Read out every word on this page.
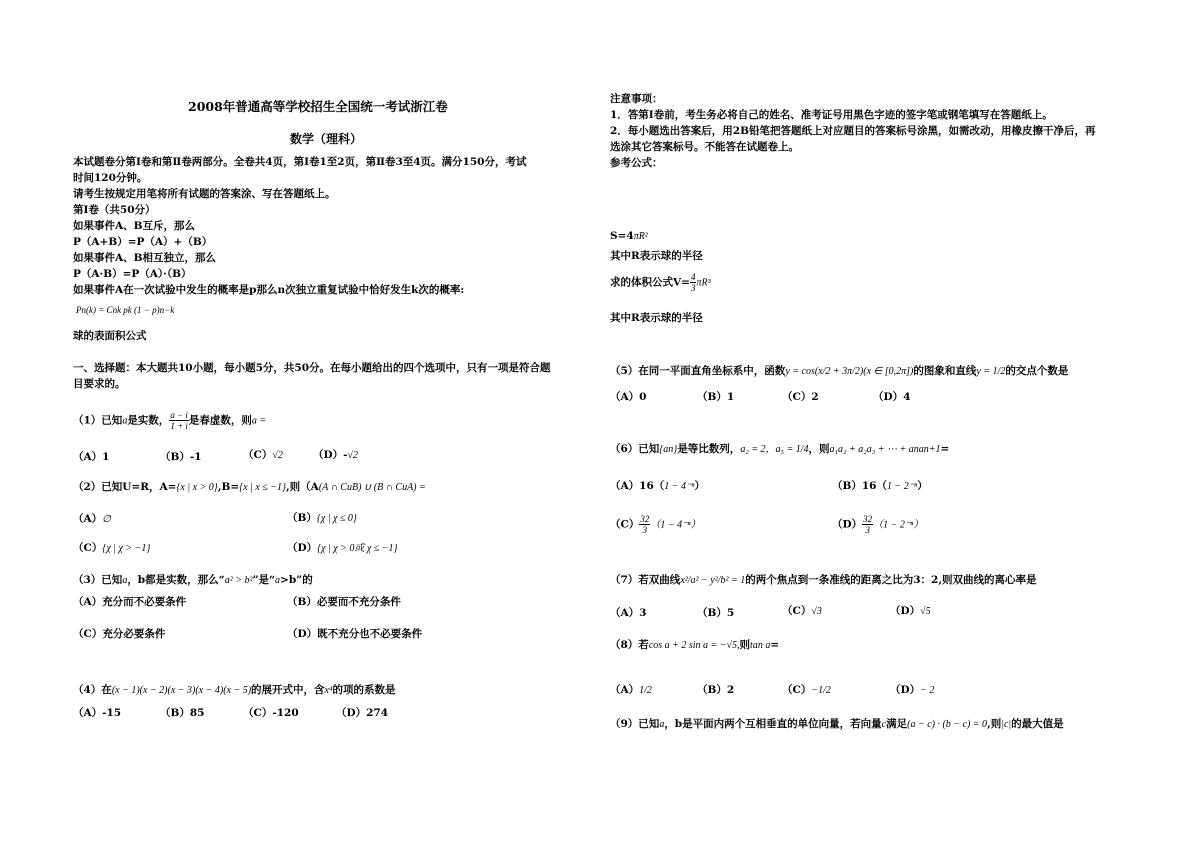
2008年普通高等学校招生全国统一考试浙江卷
数学（理科）
本试题卷分第Ⅰ卷和第Ⅱ卷两部分。全卷共4页，第Ⅰ卷1至2页，第Ⅱ卷3至4页。满分150分，考试
时间120分钟。
请考生按规定用笔将所有试题的答案涂、写在答题纸上。
第Ⅰ卷（共50分）
如果事件A、B互斥，那么
P（A+B）=P（A）+（B）
如果事件A、B相互独立，那么
P（A·B）=P（A）·（B）
如果事件A在一次试验中发生的概率是p那么n次独立重复试验中恰好发生k次的概率:
Pn(k) = Cnk pk (1 − p)n−k
球的表面积公式
一、选择题：本大题共10小题，每小题5分，共50分。在每小题给出的四个选项中，只有一项是符合题
目要求的。
（1）已知a是实数， $\frac{a - i}{1 + i}$ 是春虚数，则a =
（A）1	（B）-1	（C）√2	（D）-√2
（2）已知U=R，A={x | x > 0},B={x | x ≤ −1},则（A(A ∩ CuB) ∪ (B ∩ CuA) =
（A）∅	（B）{χ | χ ≤ 0}
（C）{χ | χ > −1}	（D）{χ | χ > 0或 χ ≤ −1}
（3）已知a，b都是实数，那么“a² > b²”是“a>b”的
（A）充分而不必要条件	（B）必要而不充分条件
（C）充分必要条件	（D）既不充分也不必要条件
（4）在(x − 1)(x − 2)(x − 3)(x − 4)(x − 5)的展开式中，含x⁴的项的系数是
（A）-15	（B）85	（C）-120	（D）274
注意事项：
1．答第Ⅰ卷前，考生务必将自己的姓名、准考证号用黑色字迹的签字笔或钢笔填写在答题纸上。
2．每小题选出答案后，用2B铅笔把答题纸上对应题目的答案标号涂黑，如需改动，用橡皮擦干净后，再
选涂其它答案标号。不能答在试题卷上。
参考公式：
S=4πR²
其中R表示球的半径
求的体积公式$V= \frac{4}{3} \pi R^3$
其中R表示球的半径
（5）在同一平面直角坐标系中，函数y = cos(x/2 + 3π/2)(x ∈ [0,2π])的图象和直线y = 1/2的交点个数是
（A）0	（B）1	（C）2	（D）4
（6）已知{an}是等比数列，a₂ = 2，a₅ = 1/4，则a₁a₂ + a₂a₃ + ⋯ + anan+1=
（A）16（1 − 4⁻ⁿ）	（B）16（1 − 2⁻ⁿ）
$(C) \frac{32}{3} (1 - 4^{-n})$	$(D) \frac{32}{3} (1 - 2^{-n})$
（7）若双曲线x²/a² − y²/b² = 1的两个焦点到一条准线的距离之比为3：2,则双曲线的离心率是
（A）3	（B）5	（C）√3	（D）√5
（8）若cos a + 2 sin a = −√5,则tan a=
（A）1/2	（B）2	（C）−1/2	（D）− 2
（9）已知a，b是平面内两个互相垂直的单位向量，若向量c满足(a − c) · (b − c) = 0,则|c|的最大值是
